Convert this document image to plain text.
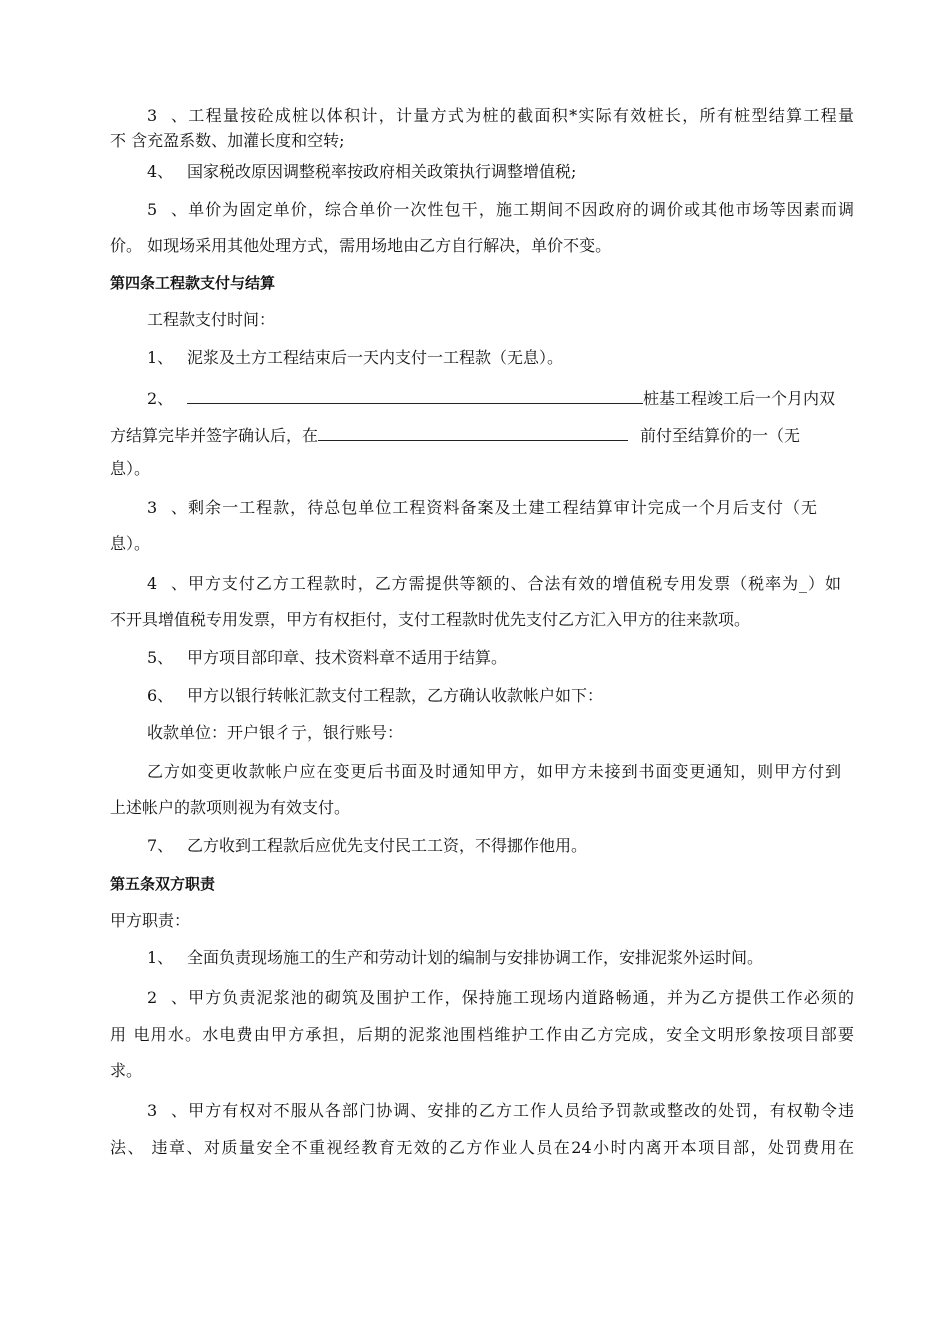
3、工程量按砼成桩以体积计，计量方式为桩的截面积*实际有效桩长，所有桩型结算工程量
不 含充盈系数、加灌长度和空转;
4、 国家税改原因调整税率按政府相关政策执行调整增值税;
5、单价为固定单价，综合单价一次性包干，施工期间不因政府的调价或其他市场等因素而调
价。 如现场采用其他处理方式，需用场地由乙方自行解决，单价不变。
第四条工程款支付与结算
工程款支付时间：
1、 泥浆及土方工程结束后一天内支付一工程款（无息）。
2、	桩基工程竣工后一个月内双
方结算完毕并签字确认后，在	前付至结算价的一（无
息）。
3、剩余一工程款，待总包单位工程资料备案及土建工程结算审计完成一个月后支付（无
息）。
4、甲方支付乙方工程款时，乙方需提供等额的、合法有效的增值税专用发票（税率为_）如
不开具增值税专用发票，甲方有权拒付，支付工程款时优先支付乙方汇入甲方的往来款项。
5、 甲方项目部印章、技术资料章不适用于结算。
6、 甲方以银行转帐汇款支付工程款，乙方确认收款帐户如下：
收款单位：开户银彳亍，银行账号：
乙方如变更收款帐户应在变更后书面及时通知甲方，如甲方未接到书面变更通知，则甲方付到
上述帐户的款项则视为有效支付。
7、 乙方收到工程款后应优先支付民工工资，不得挪作他用。
第五条双方职责
甲方职责：
1、 全面负责现场施工的生产和劳动计划的编制与安排协调工作，安排泥浆外运时间。
2、甲方负责泥浆池的砌筑及围护工作，保持施工现场内道路畅通，并为乙方提供工作必须的
用 电用水。水电费由甲方承担，后期的泥浆池围档维护工作由乙方完成，安全文明形象按项目部要
求。
3、甲方有权对不服从各部门协调、安排的乙方工作人员给予罚款或整改的处罚，有权勒令违
法、 违章、对质量安全不重视经教育无效的乙方作业人员在24小时内离开本项目部，处罚费用在
